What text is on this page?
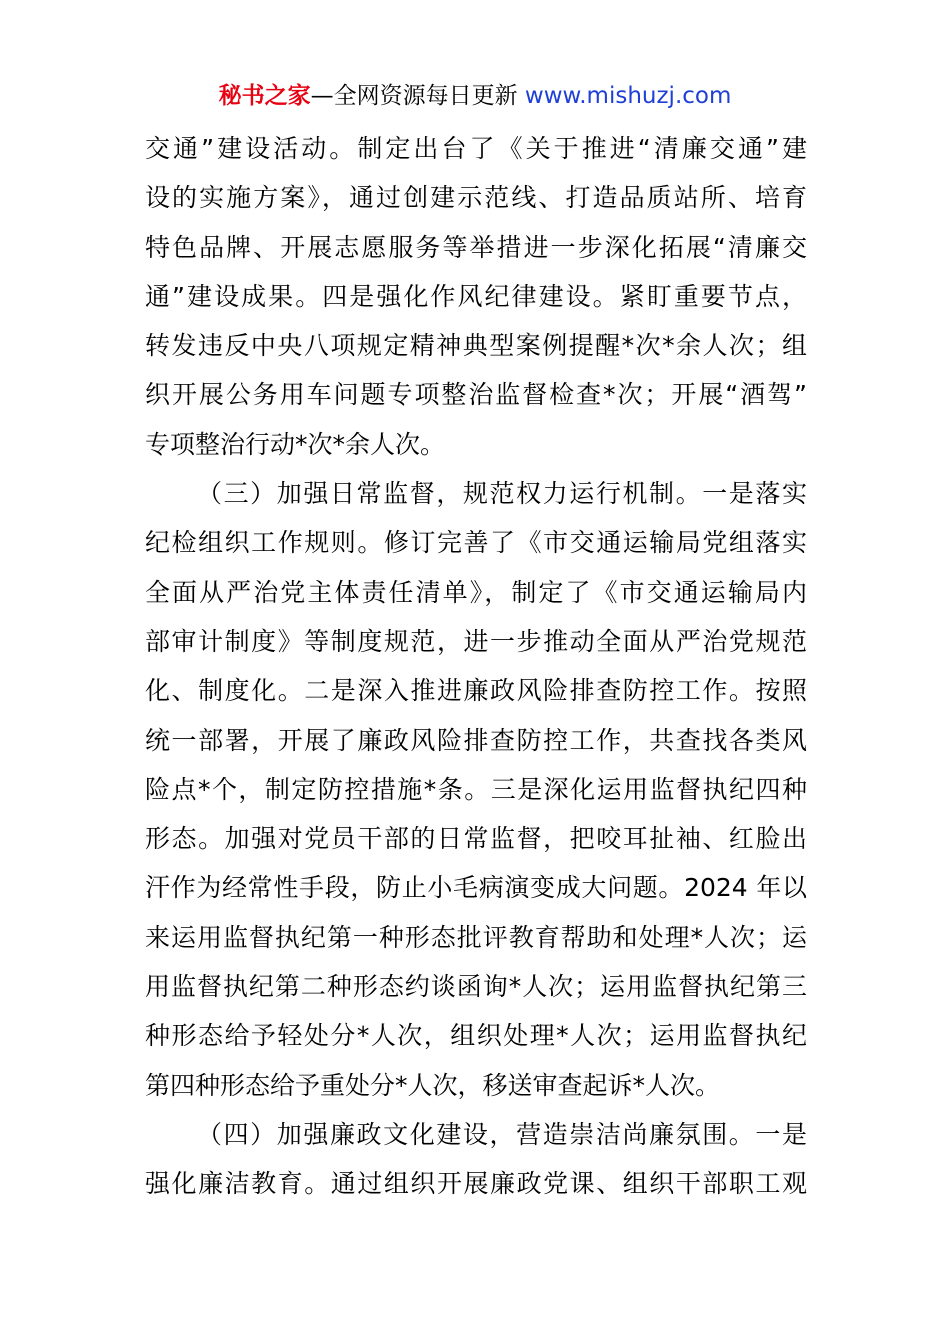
秘书之家—全网资源每日更新 www.mishuzj.com
交通”建设活动。制定出台了《关于推进“清廉交通”建
设的实施方案》，通过创建示范线、打造品质站所、培育
特色品牌、开展志愿服务等举措进一步深化拓展“清廉交
通”建设成果。四是强化作风纪律建设。紧盯重要节点，
转发违反中央八项规定精神典型案例提醒*次*余人次；组
织开展公务用车问题专项整治监督检查*次；开展“酒驾”
专项整治行动*次*余人次。
（三）加强日常监督，规范权力运行机制。一是落实
纪检组织工作规则。修订完善了《市交通运输局党组落实
全面从严治党主体责任清单》，制定了《市交通运输局内
部审计制度》等制度规范，进一步推动全面从严治党规范
化、制度化。二是深入推进廉政风险排查防控工作。按照
统一部署，开展了廉政风险排查防控工作，共查找各类风
险点*个，制定防控措施*条。三是深化运用监督执纪四种
形态。加强对党员干部的日常监督，把咬耳扯袖、红脸出
汗作为经常性手段，防止小毛病演变成大问题。2024 年以
来运用监督执纪第一种形态批评教育帮助和处理*人次；运
用监督执纪第二种形态约谈函询*人次；运用监督执纪第三
种形态给予轻处分*人次，组织处理*人次；运用监督执纪
第四种形态给予重处分*人次，移送审查起诉*人次。
（四）加强廉政文化建设，营造崇洁尚廉氛围。一是
强化廉洁教育。通过组织开展廉政党课、组织干部职工观
